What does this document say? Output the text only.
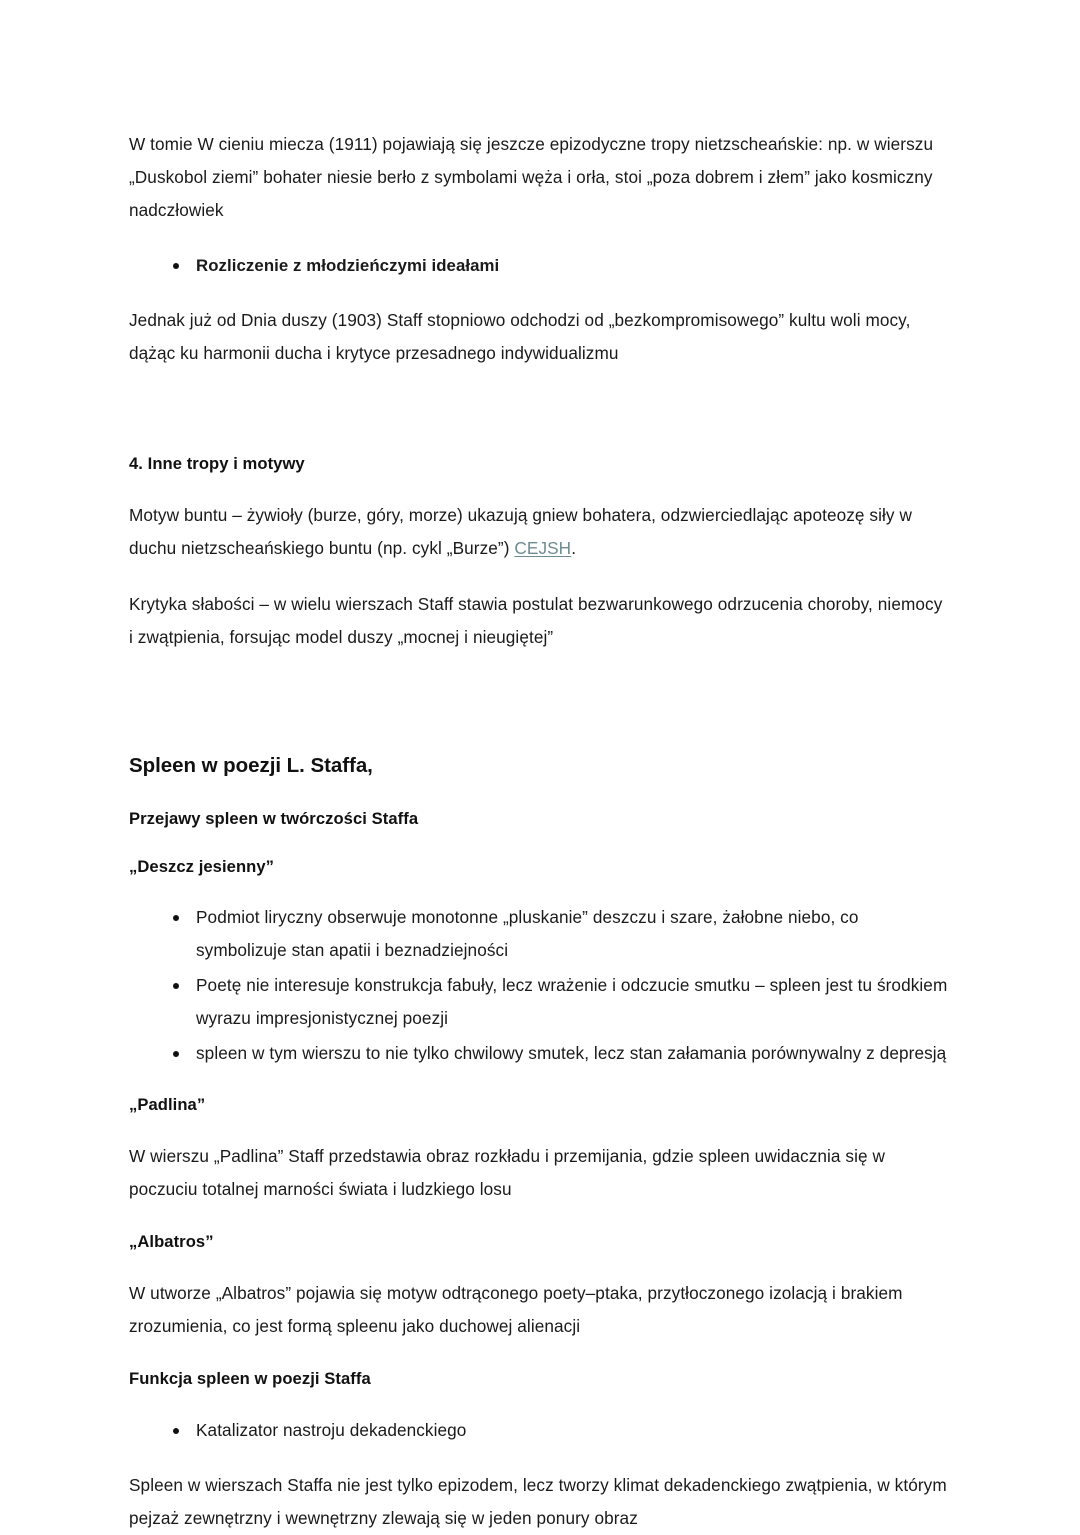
W tomie W cieniu miecza (1911) pojawiają się jeszcze epizodyczne tropy nietzscheańskie: np. w wierszu „Duskobol ziemi” bohater niesie berło z symbolami węża i orła, stoi „poza dobrem i złem” jako kosmiczny nadczłowiek

Rozliczenie z młodzieńczymi ideałami

Jednak już od Dnia duszy (1903) Staff stopniowo odchodzi od „bezkompromisowego” kultu woli mocy, dążąc ku harmonii ducha i krytyce przesadnego indywidualizmu

4. Inne tropy i motywy

Motyw buntu – żywioły (burze, góry, morze) ukazują gniew bohatera, odzwierciedlając apoteozę siły w duchu nietzscheańskiego buntu (np. cykl „Burze”) CEJSH.

Krytyka słabości – w wielu wierszach Staff stawia postulat bezwarunkowego odrzucenia choroby, niemocy i zwątpienia, forsując model duszy „mocnej i nieugiętej”

Spleen w poezji L. Staffa,
Przejawy spleen w twórczości Staffa
„Deszcz jesienny”
Podmiot liryczny obserwuje monotonne „pluskanie” deszczu i szare, żałobne niebo, co symbolizuje stan apatii i beznadziejności
Poetę nie interesuje konstrukcja fabuły, lecz wrażenie i odczucie smutku – spleen jest tu środkiem wyrazu impresjonistycznej poezji
spleen w tym wierszu to nie tylko chwilowy smutek, lecz stan załamania porównywalny z depresją
„Padlina”

W wierszu „Padlina” Staff przedstawia obraz rozkładu i przemijania, gdzie spleen uwidacznia się w poczuciu totalnej marności świata i ludzkiego losu

„Albatros”

W utworze „Albatros” pojawia się motyw odtrąconego poety–ptaka, przytłoczonego izolacją i brakiem zrozumienia, co jest formą spleenu jako duchowej alienacji

Funkcja spleen w poezji Staffa
Katalizator nastroju dekadenckiego

Spleen w wierszach Staffa nie jest tylko epizodem, lecz tworzy klimat dekadenckiego zwątpienia, w którym pejzaż zewnętrzny i wewnętrzny zlewają się w jeden ponury obraz
